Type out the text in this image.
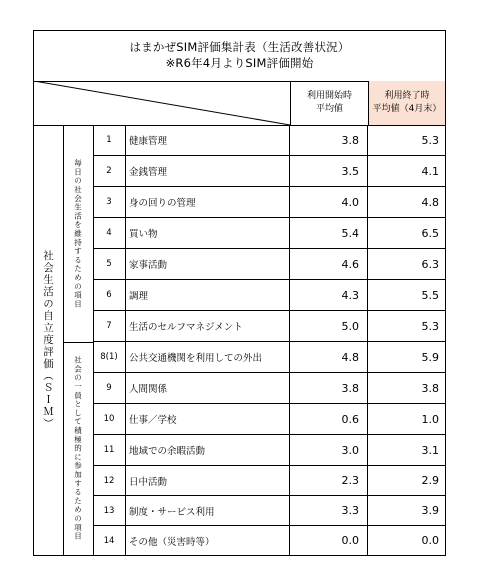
はまかぜSIM評価集計表（生活改善状況）
※R6年4月よりSIM評価開始
利用開始時
平均値
利用終了時
平均値（4月末）
社会生活の自立度評価（ＳＩＭ）
毎日の社会生活を維持するための項目
社会の一員として積極的に参加するための項目
1	健康管理	3.8	5.3
2	金銭管理	3.5	4.1
3	身の回りの管理	4.0	4.8
4	買い物	5.4	6.5
5	家事活動	4.6	6.3
6	調理	4.3	5.5
7	生活のセルフマネジメント	5.0	5.3
8(1)	公共交通機関を利用しての外出	4.8	5.9
9	人間関係	3.8	3.8
10	仕事／学校	0.6	1.0
11	地域での余暇活動	3.0	3.1
12	日中活動	2.3	2.9
13	制度・サービス利用	3.3	3.9
14	その他（災害時等）	0.0	0.0
